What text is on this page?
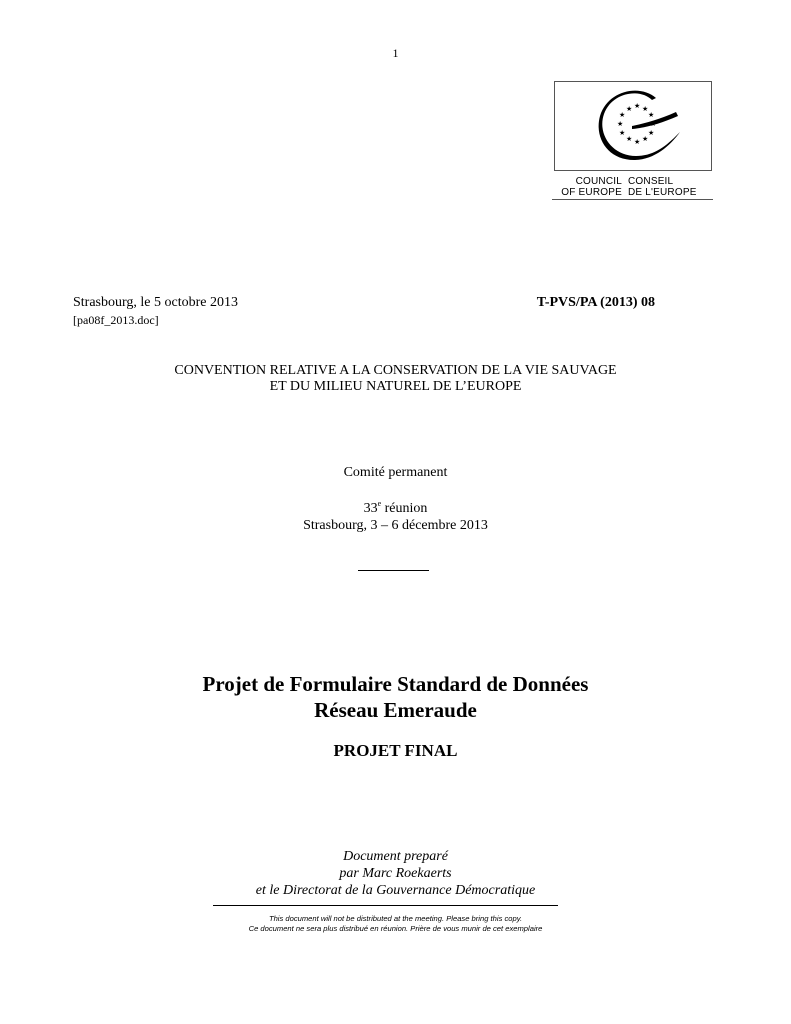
1
★ ★ ★
★	★
★	★
★	★
★ ★ ★
COUNCIL
OF EUROPE
CONSEIL
DE L'EUROPE
Strasbourg, le 5 octobre 2013
[pa08f_2013.doc]
T-PVS/PA (2013) 08
CONVENTION RELATIVE A LA CONSERVATION DE LA VIE SAUVAGE
ET DU MILIEU NATUREL DE L’EUROPE
Comité permanent
33e réunion
Strasbourg, 3 – 6 décembre 2013
Projet de Formulaire Standard de Données
Réseau Emeraude
PROJET FINAL
Document preparé
par Marc Roekaerts
et le Directorat de la Gouvernance Démocratique
This document will not be distributed at the meeting. Please bring this copy.
Ce document ne sera plus distribué en réunion. Prière de vous munir de cet exemplaire
